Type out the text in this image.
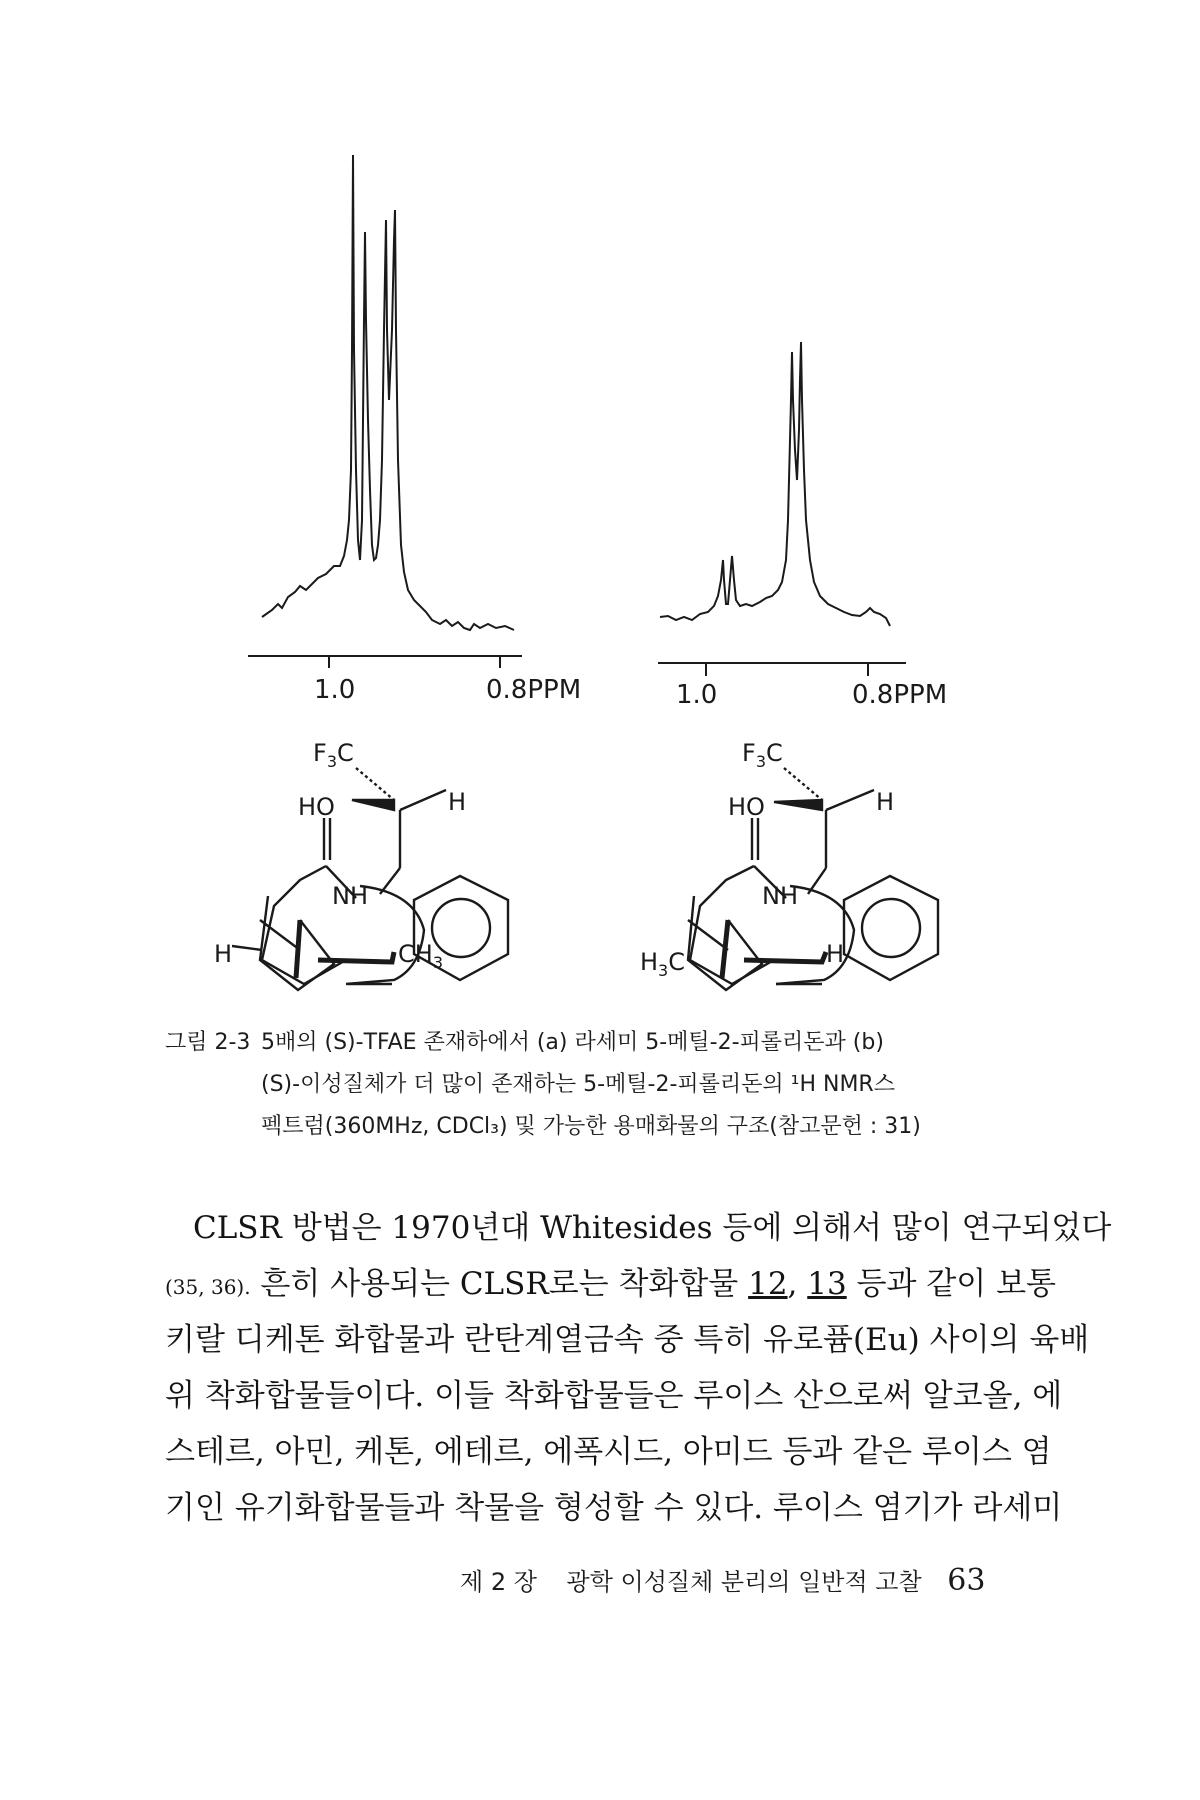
1.0	0.8PPM	1.0	0.8PPM
$F_3C$
HO	H
NH
H	$CH_3$
$F_3C$
HO	H
NH
$H_3C$	H
그림 2-3 5배의 (S)-TFAE 존재하에서 (a) 라세미 5-메틸-2-피롤리돈과 (b)
(S)-이성질체가 더 많이 존재하는 5-메틸-2-피롤리돈의 ¹H NMR스
펙트럼(360MHz, CDCl₃) 및 가능한 용매화물의 구조(참고문헌 : 31)
CLSR 방법은 1970년대 Whitesides 등에 의해서 많이 연구되었다
(35, 36). 흔히 사용되는 CLSR로는 착화합물 12, 13 등과 같이 보통
키랄 디케톤 화합물과 란탄계열금속 중 특히 유로퓸(Eu) 사이의 육배
위 착화합물들이다. 이들 착화합물들은 루이스 산으로써 알코올, 에
스테르, 아민, 케톤, 에테르, 에폭시드, 아미드 등과 같은 루이스 염
기인 유기화합물들과 착물을 형성할 수 있다. 루이스 염기가 라세미
제 2 장 광학 이성질체 분리의 일반적 고찰 63
